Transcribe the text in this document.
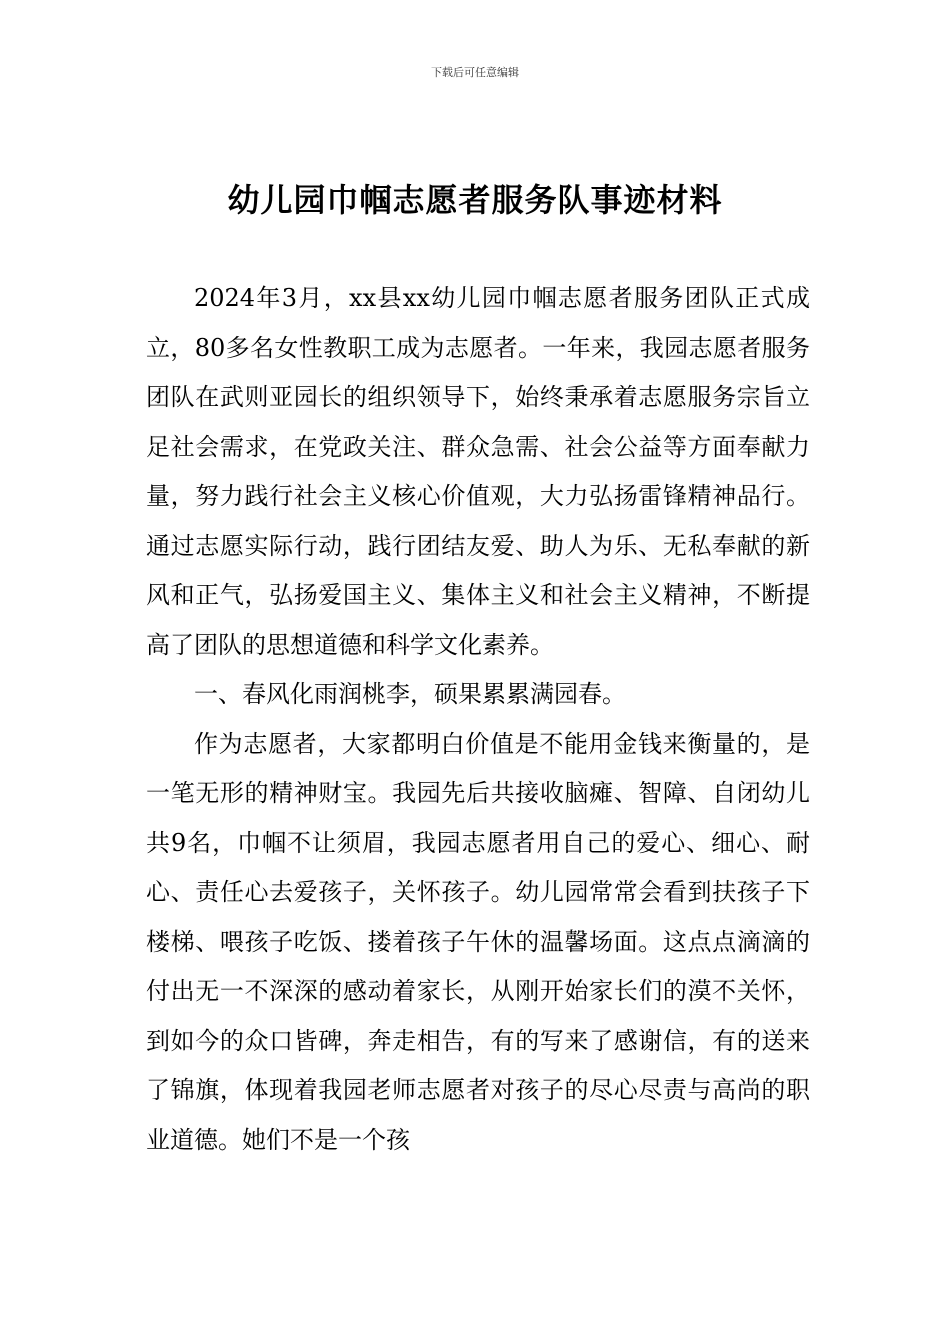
下载后可任意编辑
幼儿园巾帼志愿者服务队事迹材料

2024年3月，xx县xx幼儿园巾帼志愿者服务团队正式成立，80多名女性教职工成为志愿者。一年来，我园志愿者服务团队在武则亚园长的组织领导下，始终秉承着志愿服务宗旨立足社会需求，在党政关注、群众急需、社会公益等方面奉献力量，努力践行社会主义核心价值观，大力弘扬雷锋精神品行。通过志愿实际行动，践行团结友爱、助人为乐、无私奉献的新风和正气，弘扬爱国主义、集体主义和社会主义精神，不断提高了团队的思想道德和科学文化素养。

一、春风化雨润桃李，硕果累累满园春。

作为志愿者，大家都明白价值是不能用金钱来衡量的，是一笔无形的精神财宝。我园先后共接收脑瘫、智障、自闭幼儿共9名，巾帼不让须眉，我园志愿者用自己的爱心、细心、耐心、责任心去爱孩子，关怀孩子。幼儿园常常会看到扶孩子下楼梯、喂孩子吃饭、搂着孩子午休的温馨场面。这点点滴滴的付出无一不深深的感动着家长，从刚开始家长们的漠不关怀，到如今的众口皆碑，奔走相告，有的写来了感谢信，有的送来了锦旗，体现着我园老师志愿者对孩子的尽心尽责与高尚的职业道德。她们不是一个孩
